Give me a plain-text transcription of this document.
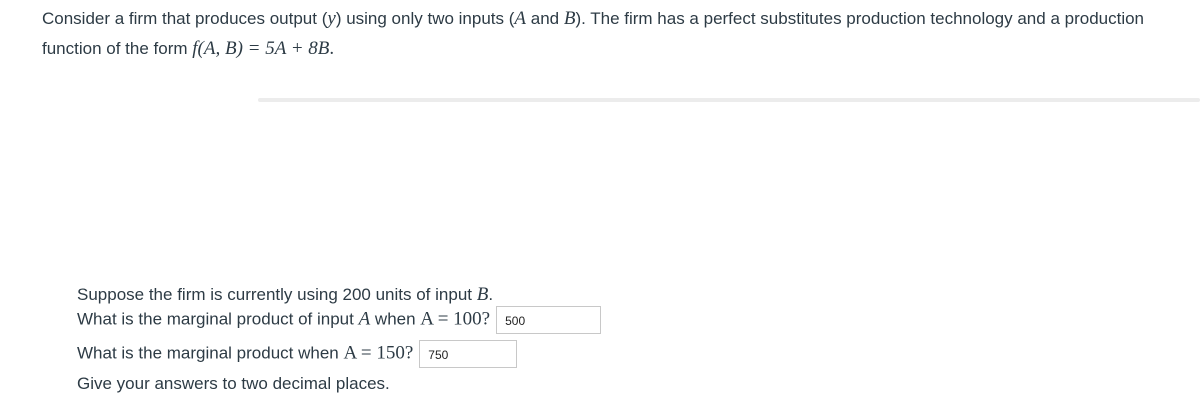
Consider a firm that produces output (y) using only two inputs (A and B). The firm has a perfect substitutes production technology and a production
function of the form f(A, B) = 5A + 8B.
Suppose the firm is currently using 200 units of input B.
What is the marginal product of input A when A = 100? 500
What is the marginal product when A = 150? 750
Give your answers to two decimal places.
